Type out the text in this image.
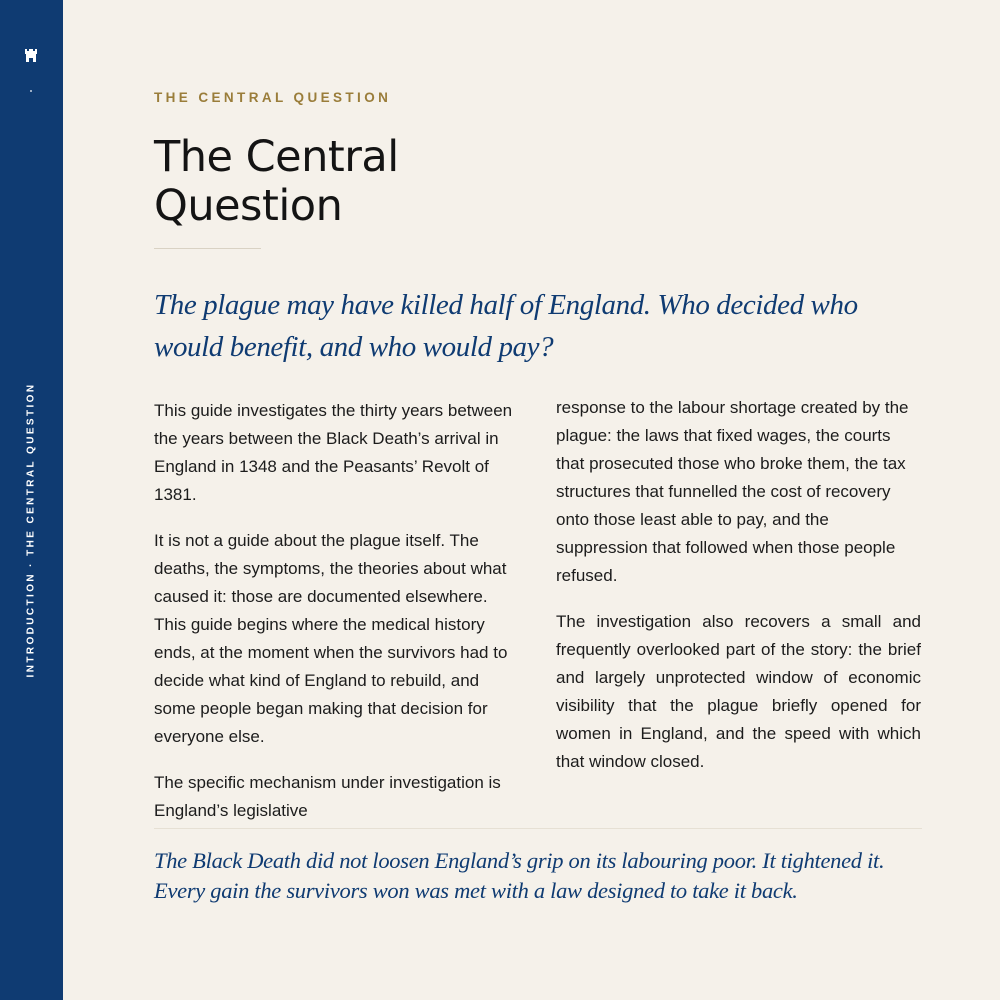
INTRODUCTION · THE CENTRAL QUESTION
THE CENTRAL QUESTION
The Central
Question
The plague may have killed half of England. Who decided who would benefit, and who would pay?

This guide investigates the thirty years between the years between the Black Death’s arrival in England in 1348 and the Peasants’ Revolt of 1381.

It is not a guide about the plague itself. The deaths, the symptoms, the theories about what caused it: those are documented elsewhere. This guide begins where the medical history ends, at the moment when the survivors had to decide what kind of England to rebuild, and some people began making that decision for everyone else.

The specific mechanism under investigation is England’s legislative

response to the labour shortage created by the plague: the laws that fixed wages, the courts that prosecuted those who broke them, the tax structures that funnelled the cost of recovery onto those least able to pay, and the suppression that followed when those people refused.

The investigation also recovers a small and frequently overlooked part of the story: the brief and largely unprotected window of economic visibility that the plague briefly opened for women in England, and the speed with which that window closed.

The Black Death did not loosen England’s grip on its labouring poor. It tightened it. Every gain the survivors won was met with a law designed to take it back.
